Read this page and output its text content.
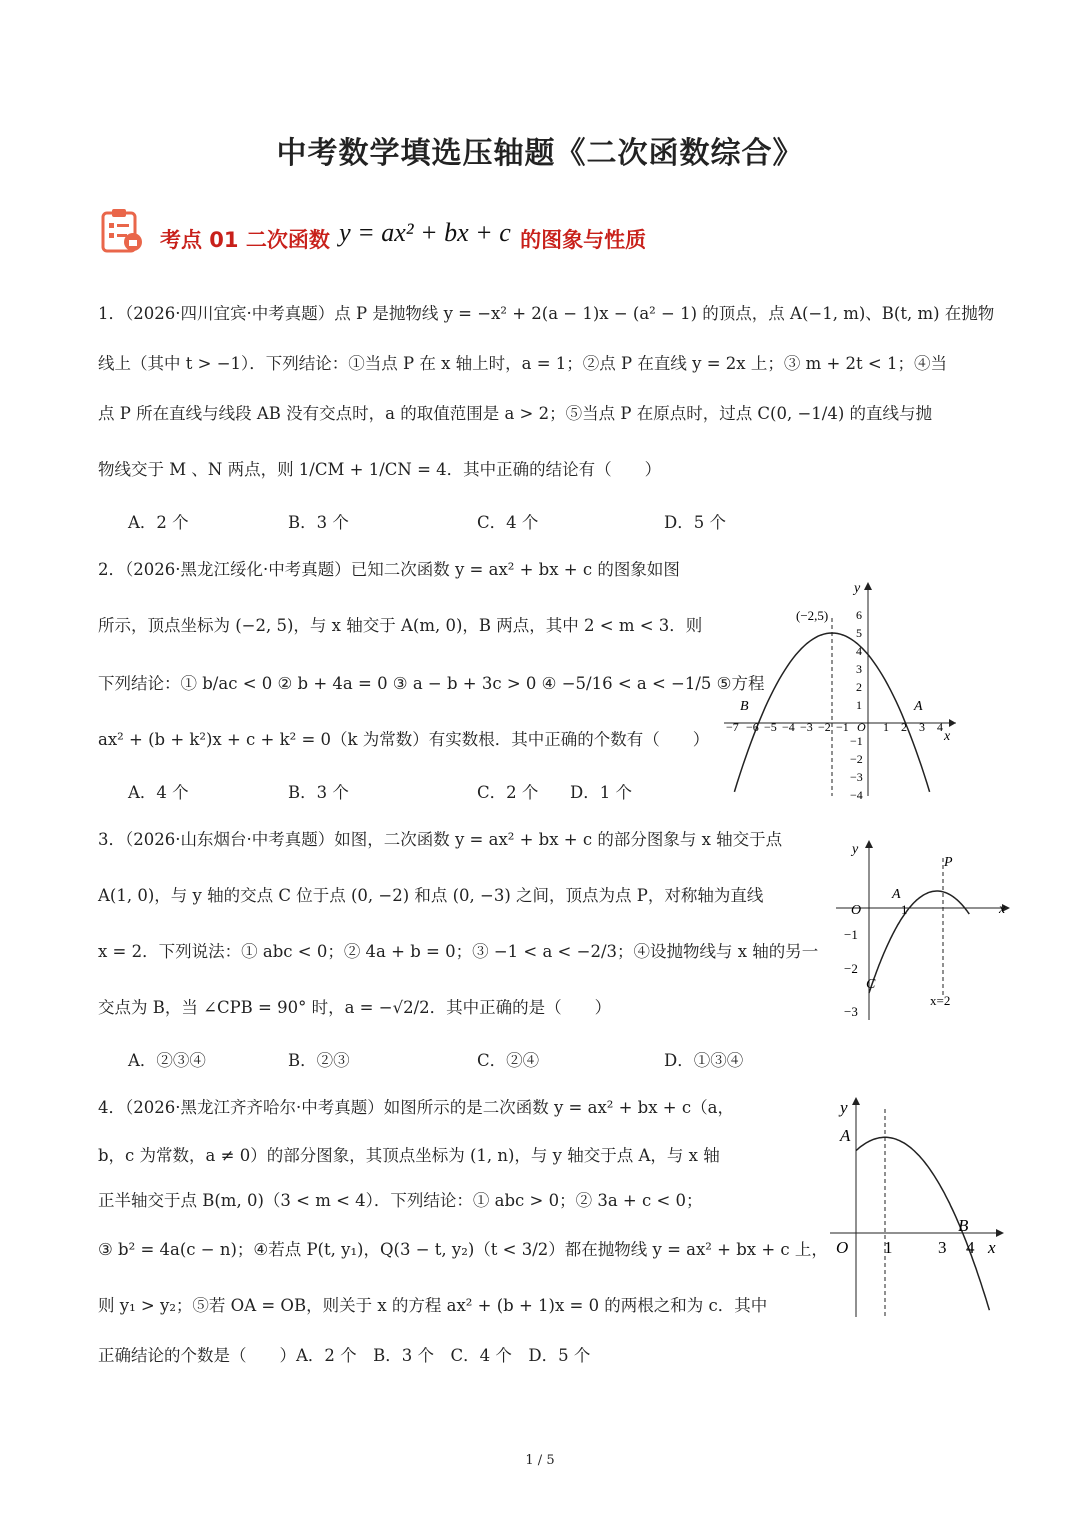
中考数学填选压轴题《二次函数综合》
考点 01 二次函数 y = ax² + bx + c 的图象与性质
1．（2026·四川宜宾·中考真题）点 P 是抛物线 y = −x² + 2(a − 1)x − (a² − 1) 的顶点，点 A(−1, m)、B(t, m) 在抛物
线上（其中 t > −1）．下列结论：①当点 P 在 x 轴上时，a = 1；②点 P 在直线 y = 2x 上；③ m + 2t < 1；④当
点 P 所在直线与线段 AB 没有交点时，a 的取值范围是 a > 2；⑤当点 P 在原点时，过点 C(0, −1/4) 的直线与抛
物线交于 M 、N 两点，则 1/CM + 1/CN = 4．其中正确的结论有（　　）
A．2 个	B．3 个	C．4 个	D．5 个
2．（2026·黑龙江绥化·中考真题）已知二次函数 y = ax² + bx + c 的图象如图
所示，顶点坐标为 (−2, 5)，与 x 轴交于 A(m, 0)，B 两点，其中 2 < m < 3．则
下列结论：① b/ac < 0 ② b + 4a = 0 ③ a − b + 3c > 0 ④ −5/16 < a < −1/5 ⑤方程
ax² + (b + k²)x + c + k² = 0（k 为常数）有实数根．其中正确的个数有（　　）
A．4 个	B．3 个	C．2 个 D．1 个
x
y
(−2,5)
B	A
−7 −6 −5 −4 −3 −2 −1 O 1 2 3 4
1
2
3
4
5
6
−1
−2
−3
−4
3．（2026·山东烟台·中考真题）如图，二次函数 y = ax² + bx + c 的部分图象与 x 轴交于点
A(1, 0)，与 y 轴的交点 C 位于点 (0, −2) 和点 (0, −3) 之间，顶点为点 P，对称轴为直线
x = 2．下列说法：① abc < 0；② 4a + b = 0；③ −1 < a < −2/3；④设抛物线与 x 轴的另一
交点为 B，当 ∠CPB = 90° 时，a = −√2/2．其中正确的是（　　）
A．②③④	B．②③	C．②④	D．①③④
y
x
P
A
O	1
C
−1
−2
−3
x=2
4．（2026·黑龙江齐齐哈尔·中考真题）如图所示的是二次函数 y = ax² + bx + c（a，
b，c 为常数，a ≠ 0）的部分图象，其顶点坐标为 (1, n)，与 y 轴交于点 A，与 x 轴
正半轴交于点 B(m, 0)（3 < m < 4）．下列结论：① abc > 0；② 3a + c < 0；
③ b² = 4a(c − n)；④若点 P(t, y₁)，Q(3 − t, y₂)（t < 3/2）都在抛物线 y = ax² + bx + c 上，
则 y₁ > y₂；⑤若 OA = OB，则关于 x 的方程 ax² + (b + 1)x = 0 的两根之和为 c．其中
正确结论的个数是（　　）A．2 个　B．3 个　C．4 个　D．5 个
y
A
O 1	3
B
4 x
1 / 5
